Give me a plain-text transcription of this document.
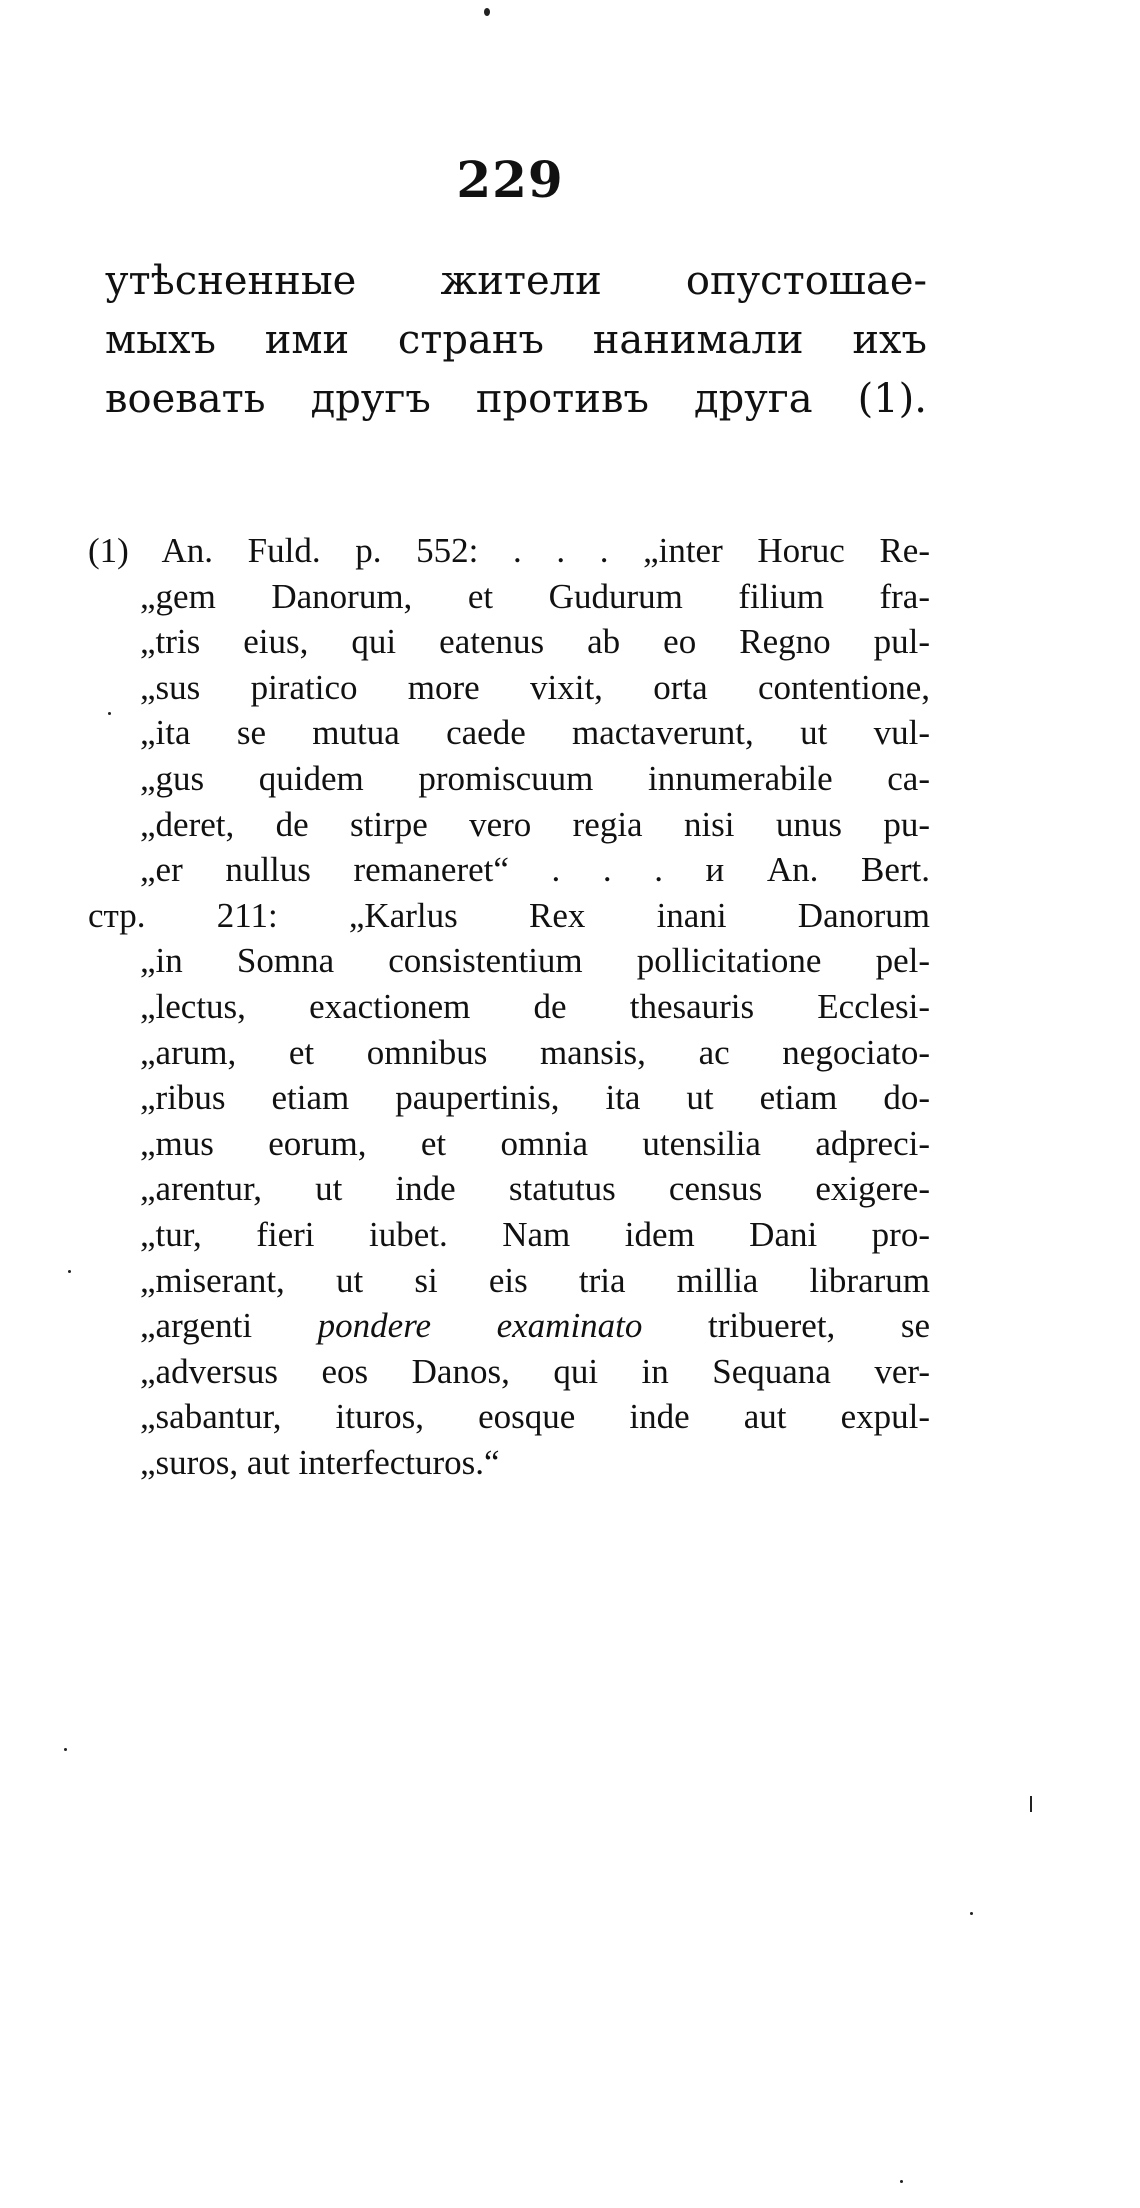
229
утѣсненные жители опустошае-
мыхъ ими странъ нанимали ихъ
воевать другъ противъ друга (1).
(1) An. Fuld. p. 552: . . . „inter Horuc Re-
„gem Danorum, et Gudurum filium fra-
„tris eius, qui eatenus ab eo Regno pul-
„sus piratico more vixit, orta contentione,
„ita se mutua caede mactaverunt, ut vul-
„gus quidem promiscuum innumerabile ca-
„deret, de stirpe vero regia nisi unus pu-
„er nullus remaneret“ . . . и An. Bert.
стр. 211: „Karlus Rex inani Danorum
„in Somna consistentium pollicitatione pel-
„lectus, exactionem de thesauris Ecclesi-
„arum, et omnibus mansis, ac negociato-
„ribus etiam paupertinis, ita ut etiam do-
„mus eorum, et omnia utensilia adpreci-
„arentur, ut inde statutus census exigere-
„tur, fieri iubet. Nam idem Dani pro-
„miserant, ut si eis tria millia librarum
„argenti pondere examinato tribueret, se
„adversus eos Danos, qui in Sequana ver-
„sabantur, ituros, eosque inde aut expul-
„suros, aut interfecturos.“
